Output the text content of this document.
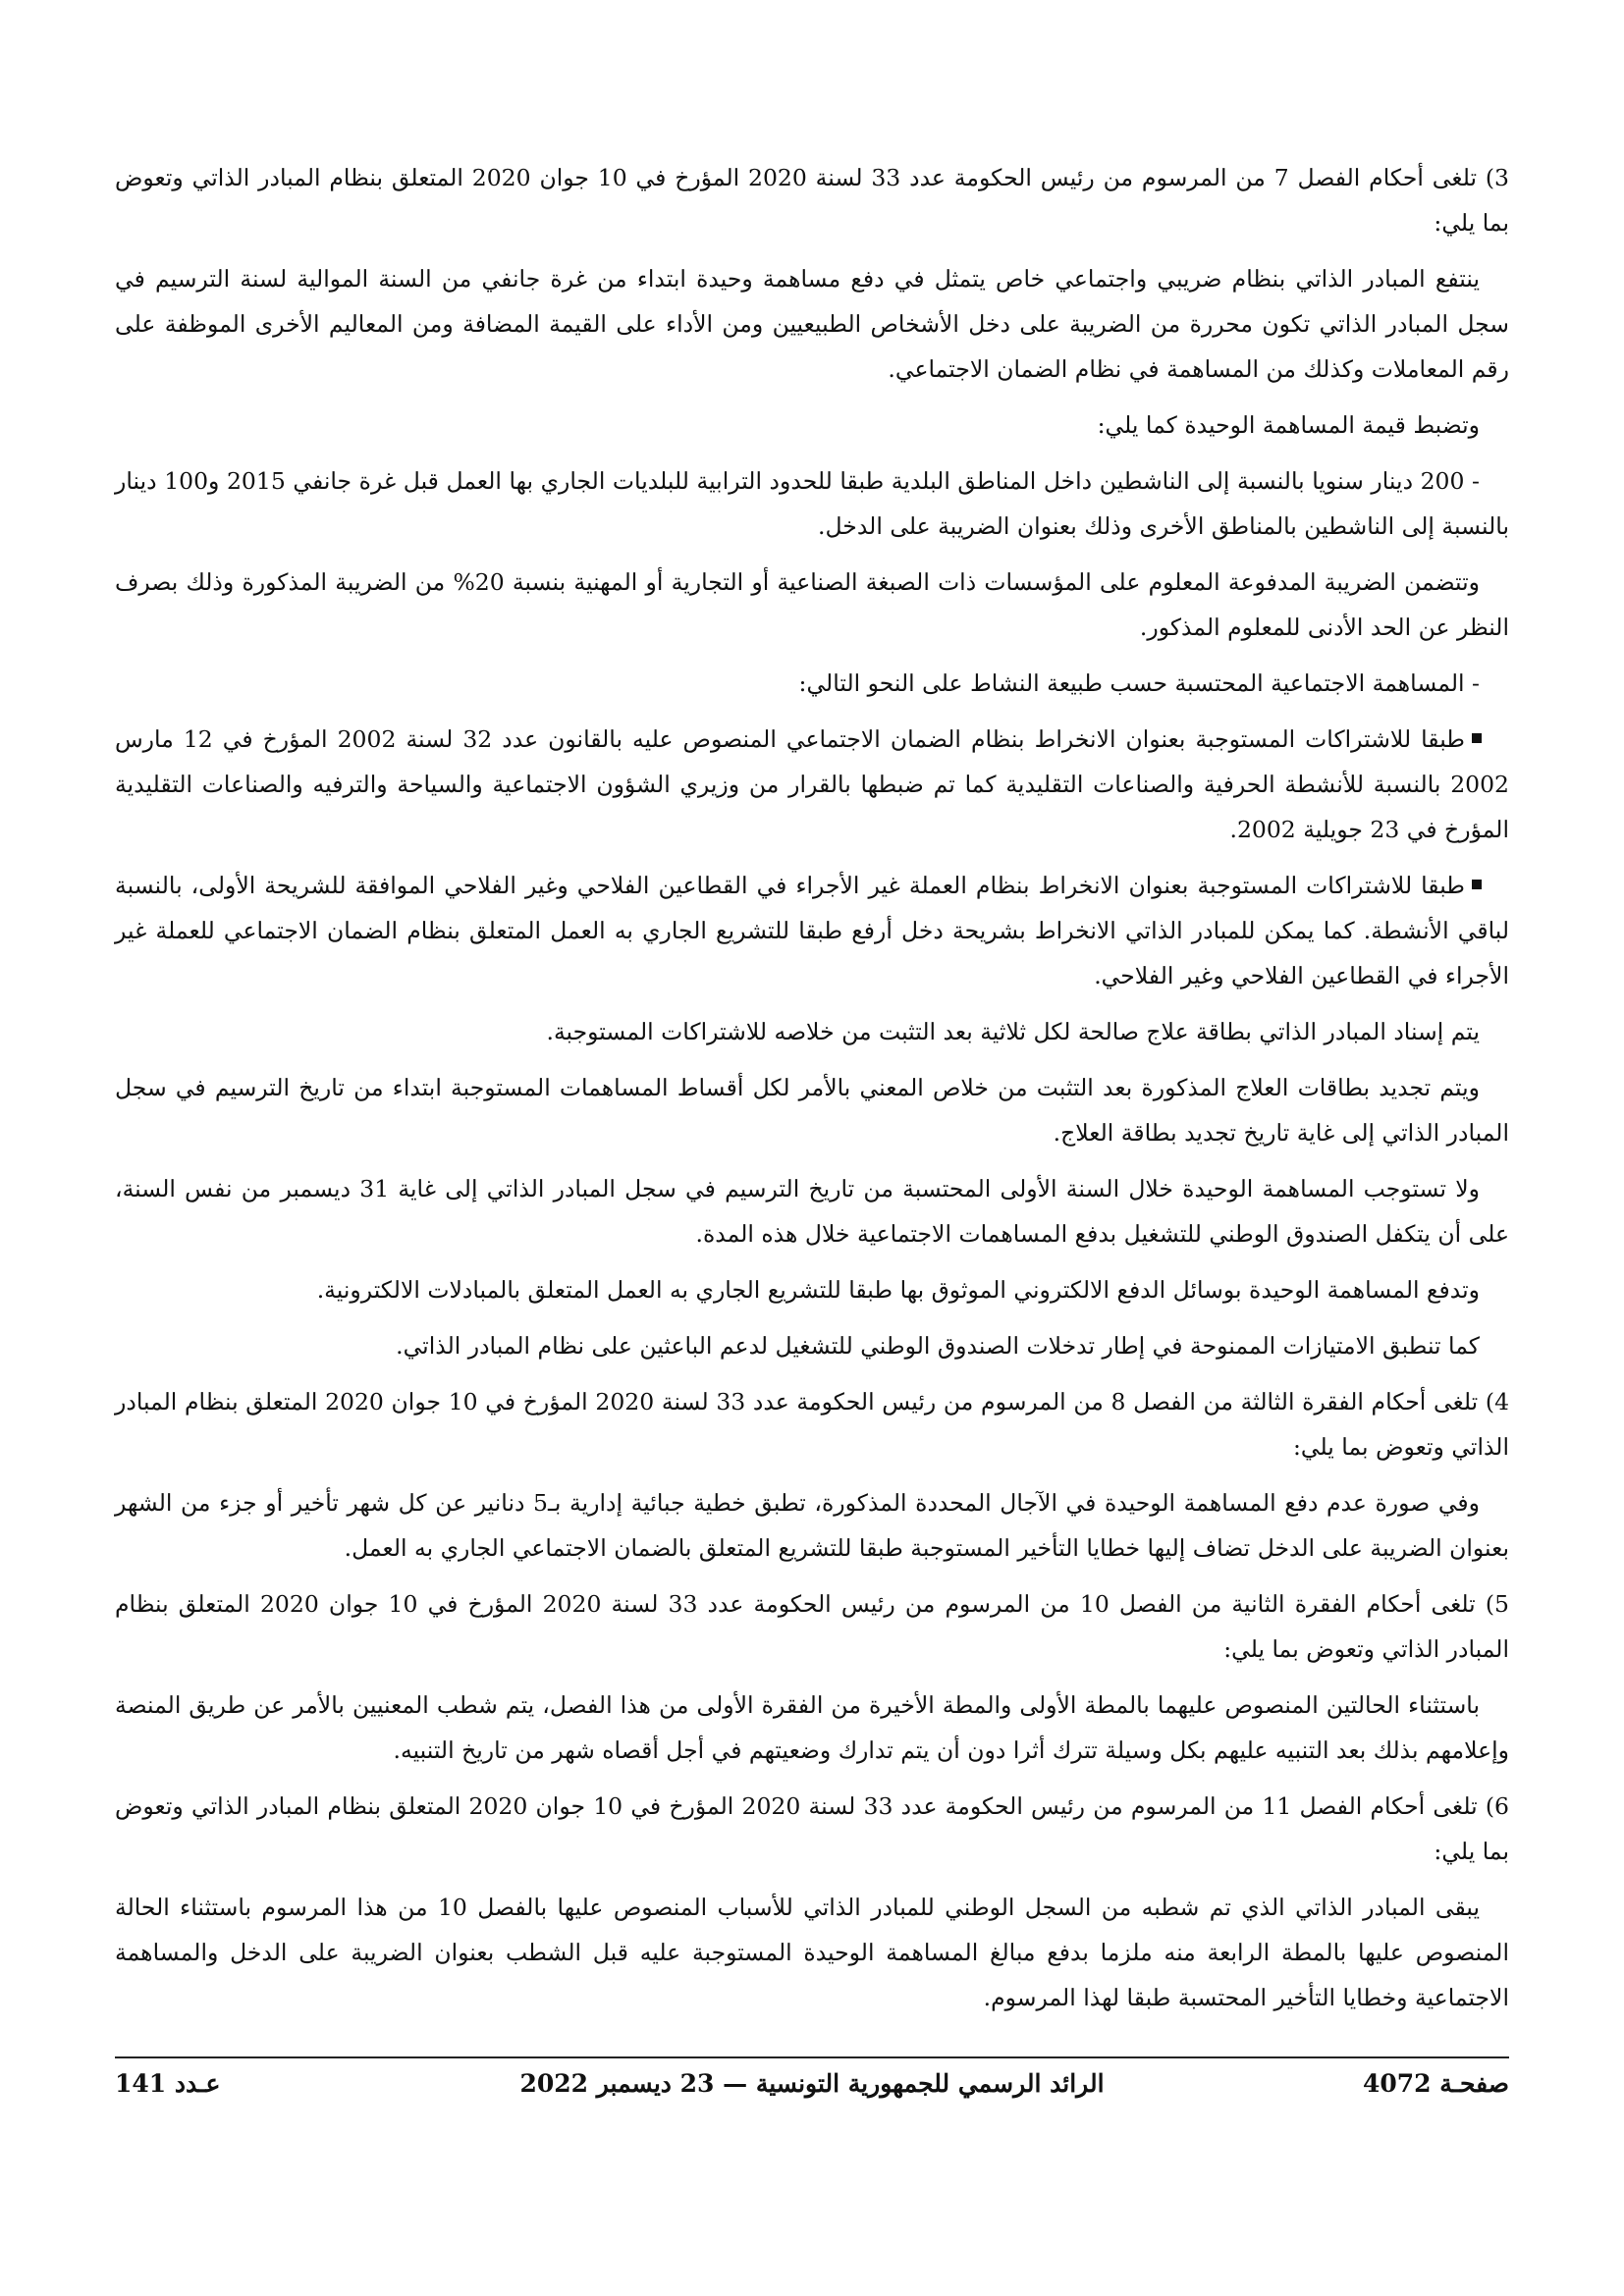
3) تلغى أحكام الفصل 7 من المرسوم من رئيس الحكومة عدد 33 لسنة 2020 المؤرخ في 10 جوان 2020 المتعلق بنظام المبادر الذاتي وتعوض بما يلي:

ينتفع المبادر الذاتي بنظام ضريبي واجتماعي خاص يتمثل في دفع مساهمة وحيدة ابتداء من غرة جانفي من السنة الموالية لسنة الترسيم في سجل المبادر الذاتي تكون محررة من الضريبة على دخل الأشخاص الطبيعيين ومن الأداء على القيمة المضافة ومن المعاليم الأخرى الموظفة على رقم المعاملات وكذلك من المساهمة في نظام الضمان الاجتماعي.

وتضبط قيمة المساهمة الوحيدة كما يلي:

- 200 دينار سنويا بالنسبة إلى الناشطين داخل المناطق البلدية طبقا للحدود الترابية للبلديات الجاري بها العمل قبل غرة جانفي 2015 و100 دينار بالنسبة إلى الناشطين بالمناطق الأخرى وذلك بعنوان الضريبة على الدخل.

وتتضمن الضريبة المدفوعة المعلوم على المؤسسات ذات الصبغة الصناعية أو التجارية أو المهنية بنسبة 20% من الضريبة المذكورة وذلك بصرف النظر عن الحد الأدنى للمعلوم المذكور.

- المساهمة الاجتماعية المحتسبة حسب طبيعة النشاط على النحو التالي:

طبقا للاشتراكات المستوجبة بعنوان الانخراط بنظام الضمان الاجتماعي المنصوص عليه بالقانون عدد 32 لسنة 2002 المؤرخ في 12 مارس 2002 بالنسبة للأنشطة الحرفية والصناعات التقليدية كما تم ضبطها بالقرار من وزيري الشؤون الاجتماعية والسياحة والترفيه والصناعات التقليدية المؤرخ في 23 جويلية 2002.

طبقا للاشتراكات المستوجبة بعنوان الانخراط بنظام العملة غير الأجراء في القطاعين الفلاحي وغير الفلاحي الموافقة للشريحة الأولى، بالنسبة لباقي الأنشطة. كما يمكن للمبادر الذاتي الانخراط بشريحة دخل أرفع طبقا للتشريع الجاري به العمل المتعلق بنظام الضمان الاجتماعي للعملة غير الأجراء في القطاعين الفلاحي وغير الفلاحي.

يتم إسناد المبادر الذاتي بطاقة علاج صالحة لكل ثلاثية بعد التثبت من خلاصه للاشتراكات المستوجبة.

ويتم تجديد بطاقات العلاج المذكورة بعد التثبت من خلاص المعني بالأمر لكل أقساط المساهمات المستوجبة ابتداء من تاريخ الترسيم في سجل المبادر الذاتي إلى غاية تاريخ تجديد بطاقة العلاج.

ولا تستوجب المساهمة الوحيدة خلال السنة الأولى المحتسبة من تاريخ الترسيم في سجل المبادر الذاتي إلى غاية 31 ديسمبر من نفس السنة، على أن يتكفل الصندوق الوطني للتشغيل بدفع المساهمات الاجتماعية خلال هذه المدة.

وتدفع المساهمة الوحيدة بوسائل الدفع الالكتروني الموثوق بها طبقا للتشريع الجاري به العمل المتعلق بالمبادلات الالكترونية.

كما تنطبق الامتيازات الممنوحة في إطار تدخلات الصندوق الوطني للتشغيل لدعم الباعثين على نظام المبادر الذاتي.

4) تلغى أحكام الفقرة الثالثة من الفصل 8 من المرسوم من رئيس الحكومة عدد 33 لسنة 2020 المؤرخ في 10 جوان 2020 المتعلق بنظام المبادر الذاتي وتعوض بما يلي:

وفي صورة عدم دفع المساهمة الوحيدة في الآجال المحددة المذكورة، تطبق خطية جبائية إدارية بـ5 دنانير عن كل شهر تأخير أو جزء من الشهر بعنوان الضريبة على الدخل تضاف إليها خطايا التأخير المستوجبة طبقا للتشريع المتعلق بالضمان الاجتماعي الجاري به العمل.

5) تلغى أحكام الفقرة الثانية من الفصل 10 من المرسوم من رئيس الحكومة عدد 33 لسنة 2020 المؤرخ في 10 جوان 2020 المتعلق بنظام المبادر الذاتي وتعوض بما يلي:

باستثناء الحالتين المنصوص عليهما بالمطة الأولى والمطة الأخيرة من الفقرة الأولى من هذا الفصل، يتم شطب المعنيين بالأمر عن طريق المنصة وإعلامهم بذلك بعد التنبيه عليهم بكل وسيلة تترك أثرا دون أن يتم تدارك وضعيتهم في أجل أقصاه شهر من تاريخ التنبيه.

6) تلغى أحكام الفصل 11 من المرسوم من رئيس الحكومة عدد 33 لسنة 2020 المؤرخ في 10 جوان 2020 المتعلق بنظام المبادر الذاتي وتعوض بما يلي:

يبقى المبادر الذاتي الذي تم شطبه من السجل الوطني للمبادر الذاتي للأسباب المنصوص عليها بالفصل 10 من هذا المرسوم باستثناء الحالة المنصوص عليها بالمطة الرابعة منه ملزما بدفع مبالغ المساهمة الوحيدة المستوجبة عليه قبل الشطب بعنوان الضريبة على الدخل والمساهمة الاجتماعية وخطايا التأخير المحتسبة طبقا لهذا المرسوم.

صفحـة 4072
الرائد الرسمي للجمهورية التونسية — 23 ديسمبر 2022
عـدد 141
